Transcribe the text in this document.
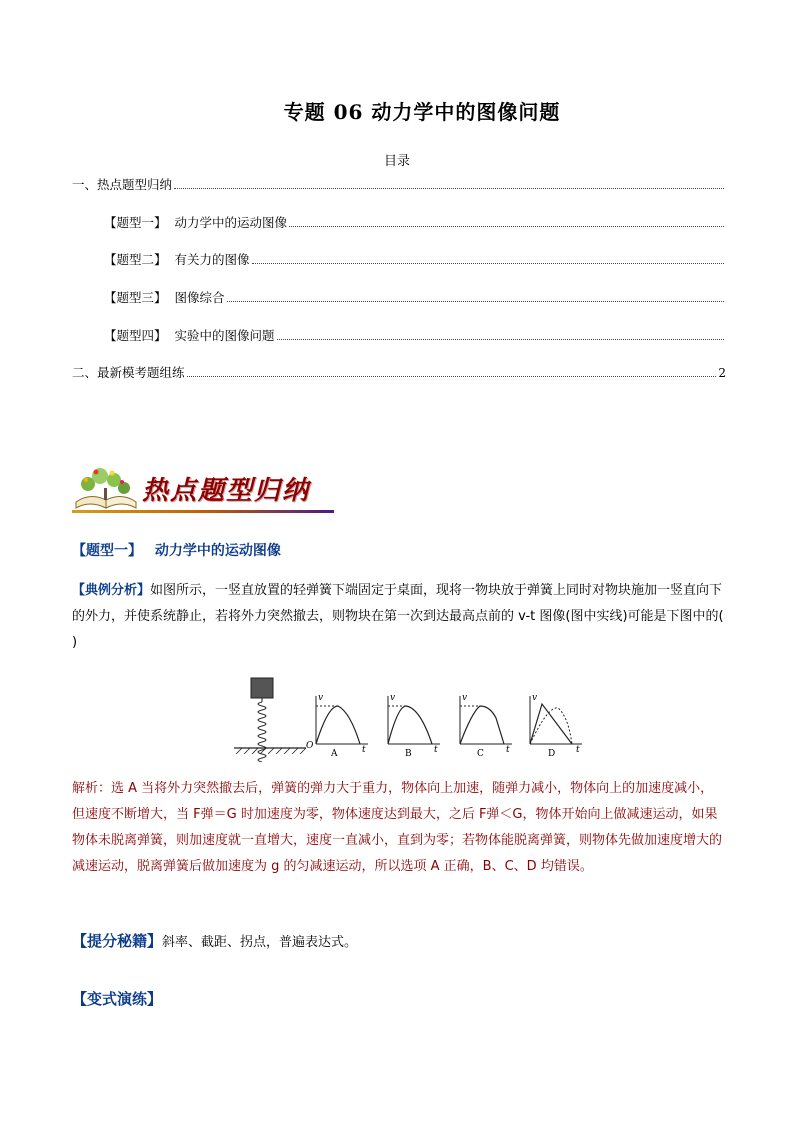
专题 06 动力学中的图像问题
目录
一、热点题型归纳
【题型一】 动力学中的运动图像
【题型二】 有关力的图像
【题型三】 图像综合
【题型四】 实验中的图像问题
二、最新模考题组练	2
热点题型归纳
【题型一】 动力学中的运动图像
【典例分析】如图所示，一竖直放置的轻弹簧下端固定于桌面，现将一物块放于弹簧上同时对物块施加一竖直向下的外力，并使系统静止，若将外力突然撤去，则物块在第一次到达最高点前的 v-t 图像(图中实线)可能是下图中的( )
O
v
t
A
v
t
B
v
t
C
v
t
D
解析：选 A 当将外力突然撤去后，弹簧的弹力大于重力，物体向上加速，随弹力减小，物体向上的加速度减小，但速度不断增大，当 F弹＝G 时加速度为零，物体速度达到最大，之后 F弹＜G，物体开始向上做减速运动，如果物体未脱离弹簧，则加速度就一直增大，速度一直减小，直到为零；若物体能脱离弹簧，则物体先做加速度增大的减速运动，脱离弹簧后做加速度为 g 的匀减速运动，所以选项 A 正确，B、C、D 均错误。
【提分秘籍】斜率、截距、拐点，普遍表达式。
【变式演练】
